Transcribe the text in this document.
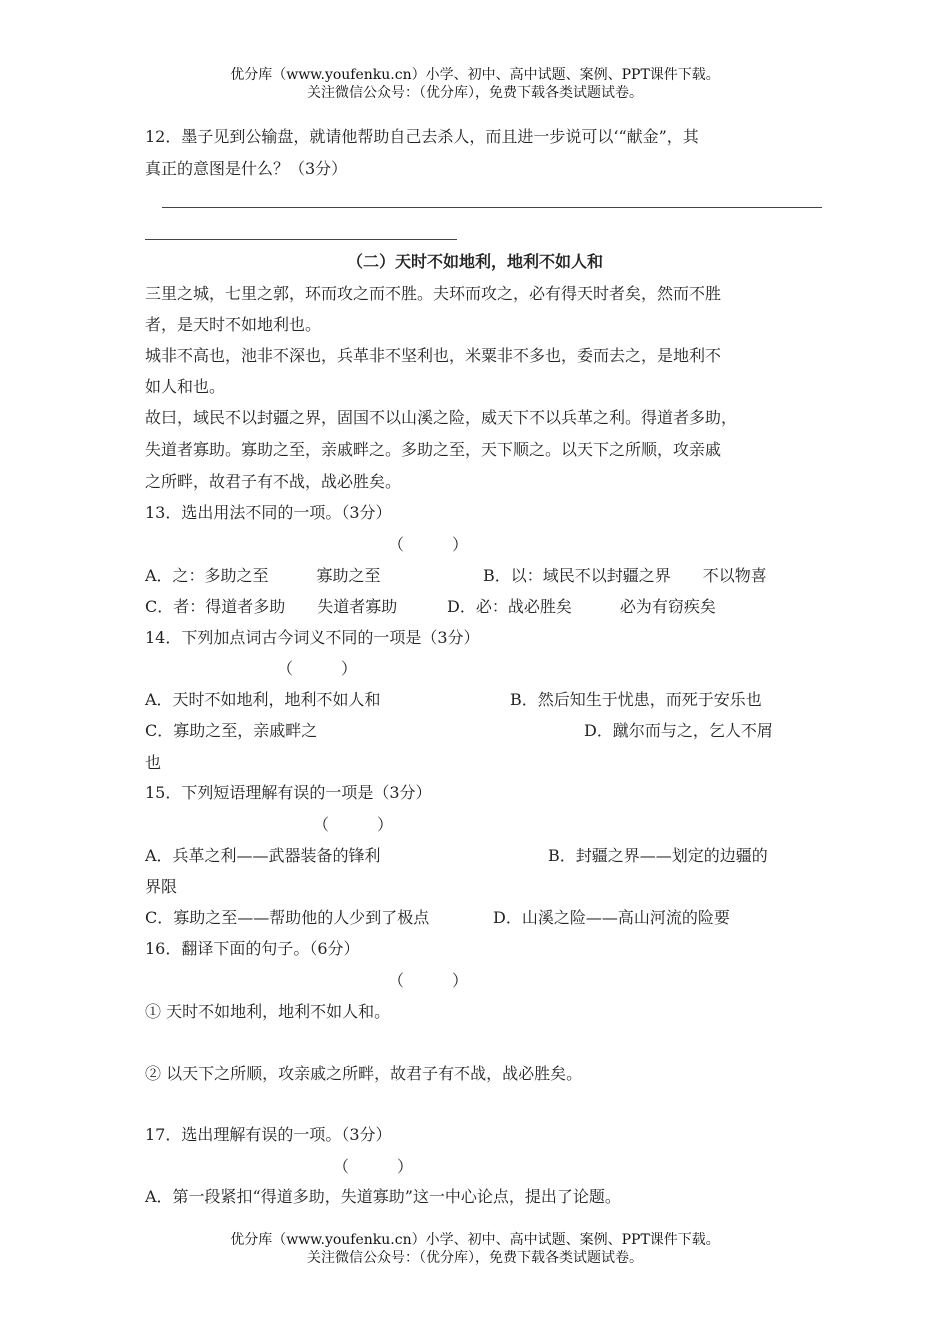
优分库（www.youfenku.cn）小学、初中、高中试题、案例、PPT课件下载。
关注微信公众号：（优分库），免费下载各类试题试卷。
12．墨子见到公输盘，就请他帮助自己去杀人，而且进一步说可以‘“献金”，其
真正的意图是什么？（3分）
（二）天时不如地利，地利不如人和
三里之城，七里之郭，环而攻之而不胜。夫环而攻之，必有得天时者矣，然而不胜
者，是天时不如地利也。
城非不高也，池非不深也，兵革非不坚利也，米粟非不多也，委而去之，是地利不
如人和也。
故曰，域民不以封疆之界，固国不以山溪之险，威天下不以兵革之利。得道者多助，
失道者寡助。寡助之至，亲戚畔之。多助之至，天下顺之。以天下之所顺，攻亲戚
之所畔，故君子有不战，战必胜矣。
13．选出用法不同的一项。（3分）
（　　　）
A．之：多助之至　　　寡助之至	B．以：域民不以封疆之界　　不以物喜
C．者：得道者多助　　失道者寡助	D．必：战必胜矣　　　必为有窃疾矣
14．下列加点词古今词义不同的一项是（3分）
（　　　）
A．天时不如地利，地利不如人和	B．然后知生于忧患，而死于安乐也
C．寡助之至，亲戚畔之	D．蹴尔而与之，乞人不屑
也
15．下列短语理解有误的一项是（3分）
（　　　）
A．兵革之利——武器装备的锋利	B．封疆之界——划定的边疆的
界限
C．寡助之至——帮助他的人少到了极点	D．山溪之险——高山河流的险要
16．翻译下面的句子。（6分）
（　　　）
① 天时不如地利，地利不如人和。
② 以天下之所顺，攻亲戚之所畔，故君子有不战，战必胜矣。
17．选出理解有误的一项。（3分）
（　　　）
A．第一段紧扣“得道多助，失道寡助”这一中心论点，提出了论题。
优分库（www.youfenku.cn）小学、初中、高中试题、案例、PPT课件下载。
关注微信公众号：（优分库），免费下载各类试题试卷。
